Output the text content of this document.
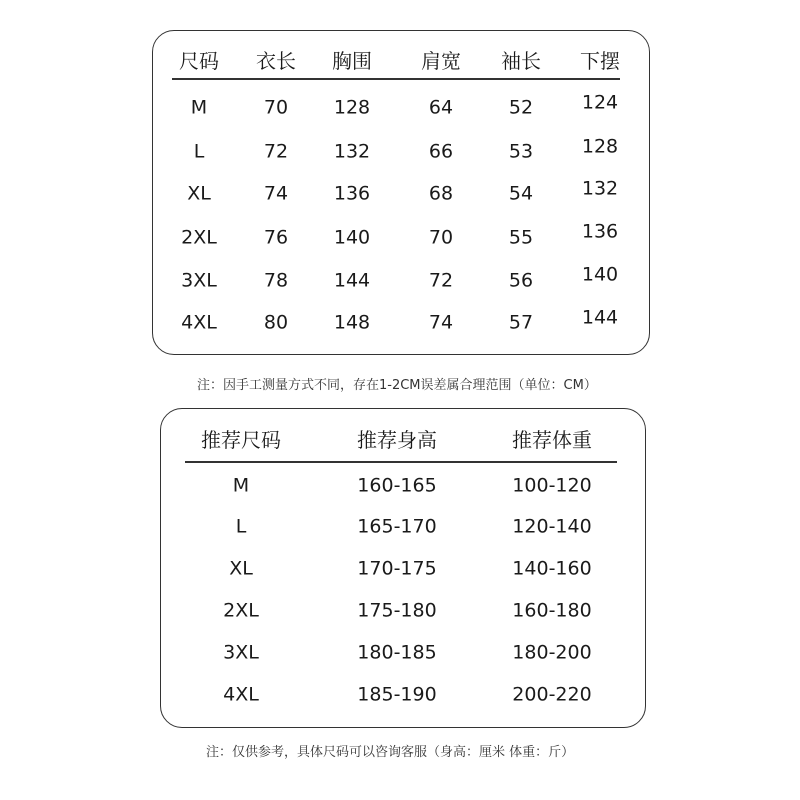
尺码 衣长 胸围 肩宽 袖长 下摆
M	70 128	64	52	124
L	72 132	66	53	128
XL	74 136	68	54	132
2XL 76 140	70	55	136
3XL 78 144	72	56	140
4XL 80 148	74	57	144
注：因手工测量方式不同，存在1-2CM误差属合理范围（单位：CM）
推荐尺码	推荐身高	推荐体重
M	160-165	100-120
L	165-170	120-140
XL	170-175	140-160
2XL	175-180	160-180
3XL	180-185	180-200
4XL	185-190	200-220
注：仅供参考，具体尺码可以咨询客服（身高：厘米 体重：斤）
